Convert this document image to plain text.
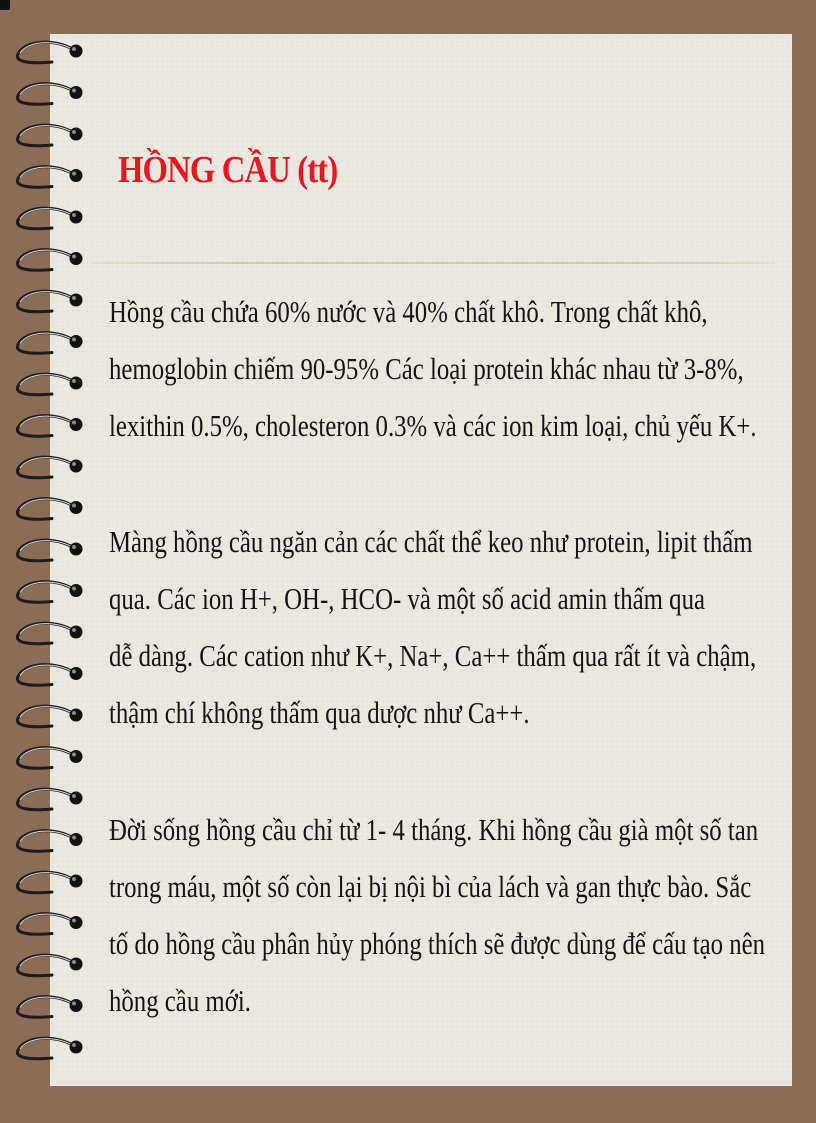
HỒNG CẦU (tt)

Hồng cầu chứa 60% nước và 40% chất khô. Trong chất khô,

hemoglobin chiếm 90-95% Các loại protein khác nhau từ 3-8%,

lexithin 0.5%, cholesteron 0.3% và các ion kim loại, chủ yếu K+.

Màng hồng cầu ngăn cản các chất thể keo như protein, lipit thấm

qua. Các ion H+, OH-, HCO- và một số acid amin thấm qua

dễ dàng. Các cation như K+, Na+, Ca++ thấm qua rất ít và chậm,

thậm chí không thấm qua dược như Ca++.

Đời sống hồng cầu chỉ từ 1- 4 tháng. Khi hồng cầu già một số tan

trong máu, một số còn lại bị nội bì của lách và gan thực bào. Sắc

tố do hồng cầu phân hủy phóng thích sẽ được dùng để cấu tạo nên

hồng cầu mới.
